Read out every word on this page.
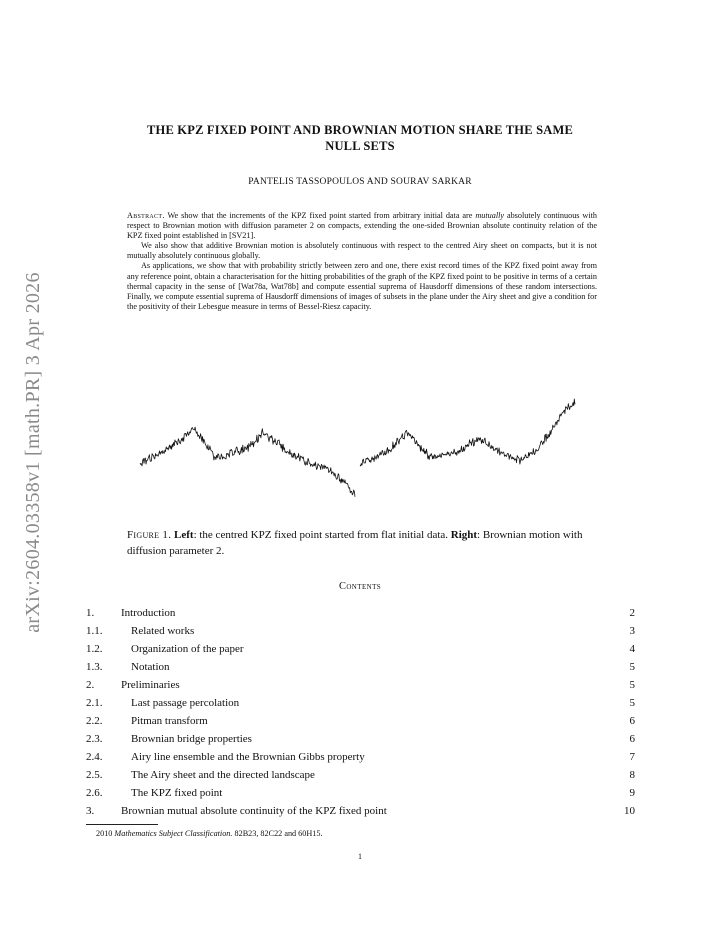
arXiv:2604.03358v1 [math.PR] 3 Apr 2026
THE KPZ FIXED POINT AND BROWNIAN MOTION SHARE THE SAME
NULL SETS
PANTELIS TASSOPOULOS AND SOURAV SARKAR

Abstract. We show that the increments of the KPZ fixed point started from arbitrary initial data are mutually absolutely continuous with respect to Brownian motion with diffusion parameter 2 on compacts, extending the one-sided Brownian absolute continuity relation of the KPZ fixed point established in [SV21].

We also show that additive Brownian motion is absolutely continuous with respect to the centred Airy sheet on compacts, but it is not mutually absolutely continuous globally.

As applications, we show that with probability strictly between zero and one, there exist record times of the KPZ fixed point away from any reference point, obtain a characterisation for the hitting probabilities of the graph of the KPZ fixed point to be positive in terms of a certain thermal capacity in the sense of [Wat78a, Wat78b] and compute essential suprema of Hausdorff dimensions of these random intersections. Finally, we compute essential suprema of Hausdorff dimensions of images of subsets in the plane under the Airy sheet and give a condition for the positivity of their Lebesgue measure in terms of Bessel-Riesz capacity.

Figure 1. Left: the centred KPZ fixed point started from flat initial data. Right: Brownian motion with diffusion parameter 2.
Contents
1. Introduction	2
1.1.	Related works	3
1.2.	Organization of the paper	4
1.3.	Notation	5
2. Preliminaries	5
2.1.	Last passage percolation	5
2.2.	Pitman transform	6
2.3.	Brownian bridge properties	6
2.4.	Airy line ensemble and the Brownian Gibbs property	7
2.5.	The Airy sheet and the directed landscape	8
2.6.	The KPZ fixed point	9
3. Brownian mutual absolute continuity of the KPZ fixed point	10
2010 Mathematics Subject Classification. 82B23, 82C22 and 60H15.
1
